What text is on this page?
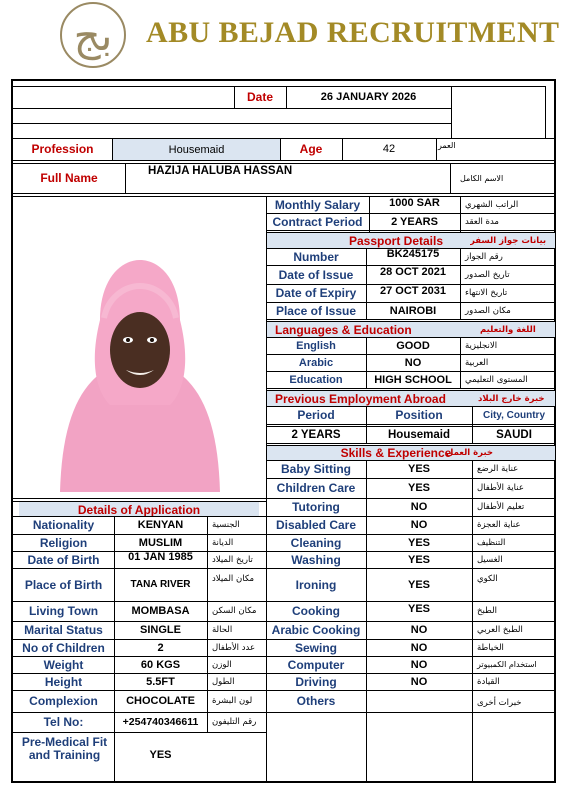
ﺑﺞ	ABU BEJAD RECRUITMENT
Date	26 JANUARY 2026
Profession	Housemaid	Age	42	العمر
Full Name	HAZIJA HALUBA HASSAN
الاسم الكامل
Details of Application
Nationality	KENYAN	الجنسية
Religion	MUSLIM	الديانة
Date of Birth	01 JAN 1985	تاريخ الميلاد
Place of Birth	TANA RIVER	مكان الميلاد
Living Town	MOMBASA	مكان السكن
Marital Status	SINGLE	الحالة
No of Children	2	عدد الأطفال
Weight	60 KGS	الوزن
Height	5.5FT	الطول
Complexion	CHOCOLATE	لون البشرة
Tel No:	+254740346611	رقم التليفون
Pre-Medical Fit and Training	YES
Monthly Salary	1000 SAR	الراتب الشهري
Contract Period	2 YEARS	مدة العقد
Passport Details	بيانات جواز السفر
Number	BK245175	رقم الجواز
Date of Issue	28 OCT 2021	تاريخ الصدور
Date of Expiry	27 OCT 2031	تاريخ الانتهاء
Place of Issue	NAIROBI	مكان الصدور
Languages & Education	اللغة والتعليم
English	GOOD	الانجليزية
Arabic	NO	العربية
Education	HIGH SCHOOL	المستوى التعليمي
Previous Employment Abroad	خبرة خارج البلاد
Period	Position	City, Country
2 YEARS	Housemaid	SAUDI
Skills & Experience
خبرة العمل
Baby Sitting	YES	عناية الرضع
Children Care	YES	عناية الأطفال
Tutoring	NO	تعليم الأطفال
Disabled Care	NO	عناية العجزة
Cleaning	YES	التنظيف
Washing	YES	الغسيل
Ironing	YES	الكوي
Cooking	YES	الطبخ
Arabic Cooking	NO	الطبخ العربي
Sewing	NO	الخياطة
Computer	NO	استخدام الكمبيوتر
Driving	NO	القيادة
Others	خبرات أخرى
